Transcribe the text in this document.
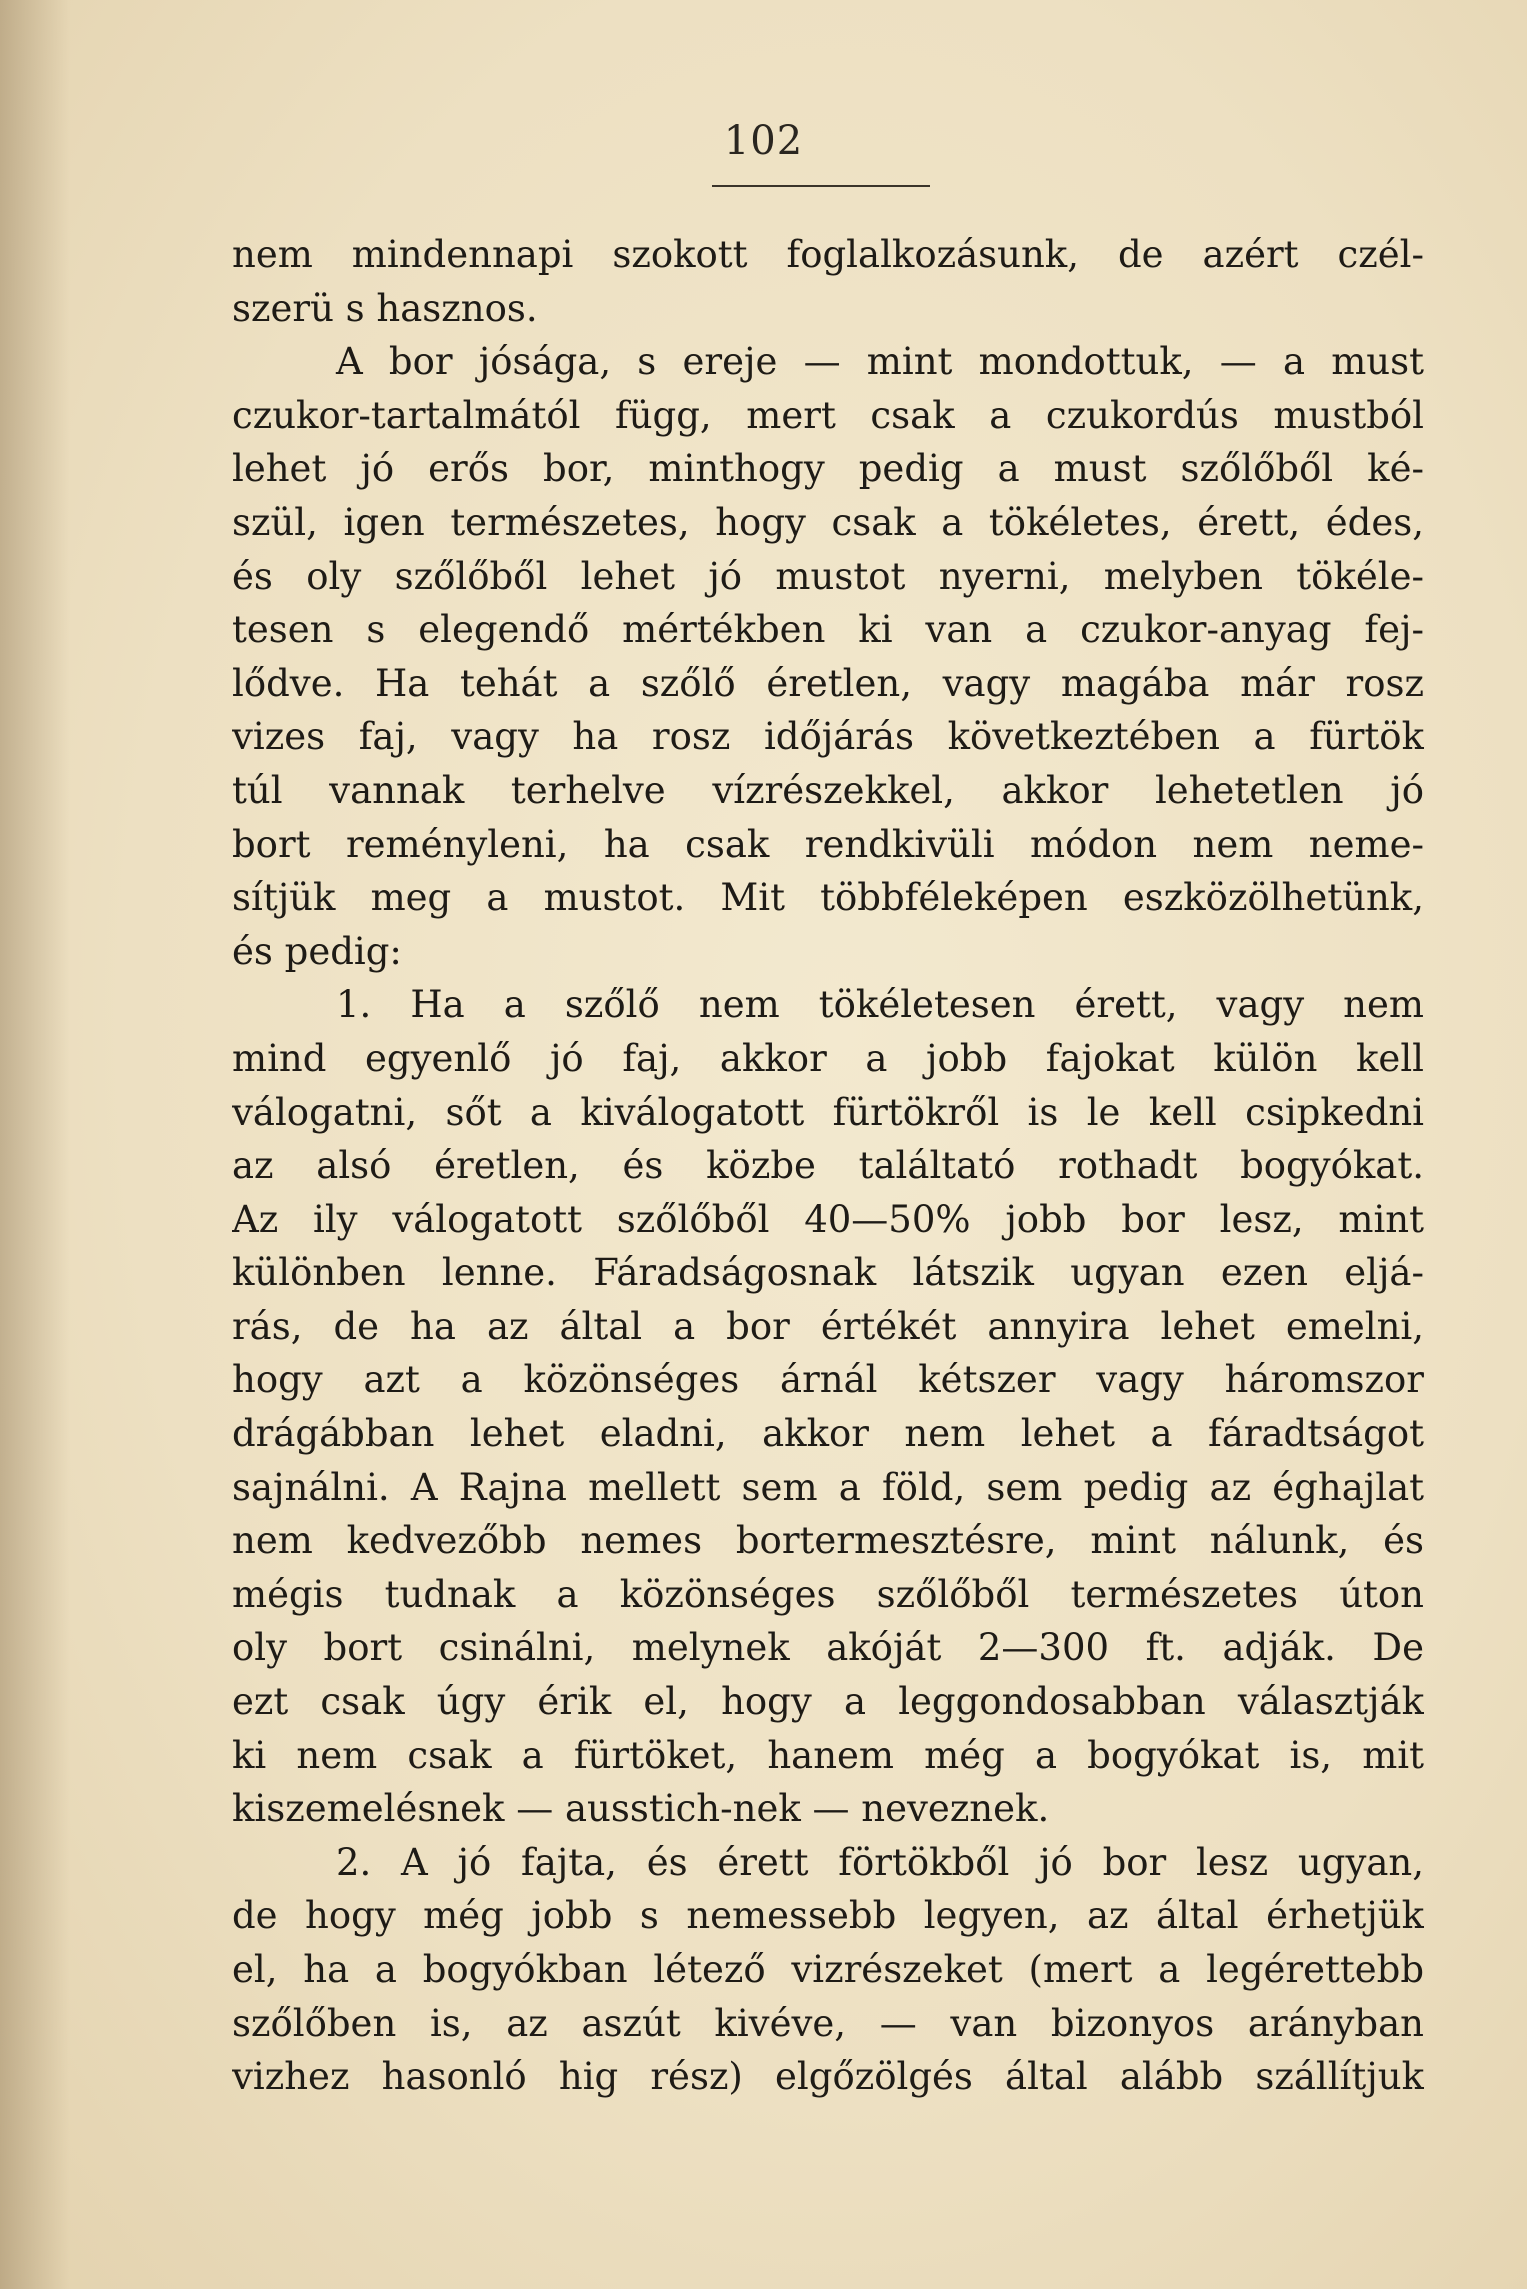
102
nem mindennapi szokott foglalkozásunk, de azért czél-
szerü s hasznos.
A bor jósága, s ereje — mint mondottuk, — a must
czukor-tartalmától függ, mert csak a czukordús mustból
lehet jó erős bor, minthogy pedig a must szőlőből ké-
szül, igen természetes, hogy csak a tökéletes, érett, édes,
és oly szőlőből lehet jó mustot nyerni, melyben tökéle-
tesen s elegendő mértékben ki van a czukor-anyag fej-
lődve. Ha tehát a szőlő éretlen, vagy magába már rosz
vizes faj, vagy ha rosz időjárás következtében a fürtök
túl vannak terhelve vízrészekkel, akkor lehetetlen jó
bort reményleni, ha csak rendkivüli módon nem neme-
sítjük meg a mustot. Mit többféleképen eszközölhetünk,
és pedig:
1. Ha a szőlő nem tökéletesen érett, vagy nem
mind egyenlő jó faj, akkor a jobb fajokat külön kell
válogatni, sőt a kiválogatott fürtökről is le kell csipkedni
az alsó éretlen, és közbe találtató rothadt bogyókat.
Az ily válogatott szőlőből 40—50% jobb bor lesz, mint
különben lenne. Fáradságosnak látszik ugyan ezen eljá-
rás, de ha az által a bor értékét annyira lehet emelni,
hogy azt a közönséges árnál kétszer vagy háromszor
drágábban lehet eladni, akkor nem lehet a fáradtságot
sajnálni. A Rajna mellett sem a föld, sem pedig az éghajlat
nem kedvezőbb nemes bortermesztésre, mint nálunk, és
mégis tudnak a közönséges szőlőből természetes úton
oly bort csinálni, melynek akóját 2—300 ft. adják. De
ezt csak úgy érik el, hogy a leggondosabban választják
ki nem csak a fürtöket, hanem még a bogyókat is, mit
kiszemelésnek — ausstich-nek — neveznek.
2. A jó fajta, és érett förtökből jó bor lesz ugyan,
de hogy még jobb s nemessebb legyen, az által érhetjük
el, ha a bogyókban létező vizrészeket (mert a legérettebb
szőlőben is, az aszút kivéve, — van bizonyos arányban
vizhez hasonló hig rész) elgőzölgés által alább szállítjuk
